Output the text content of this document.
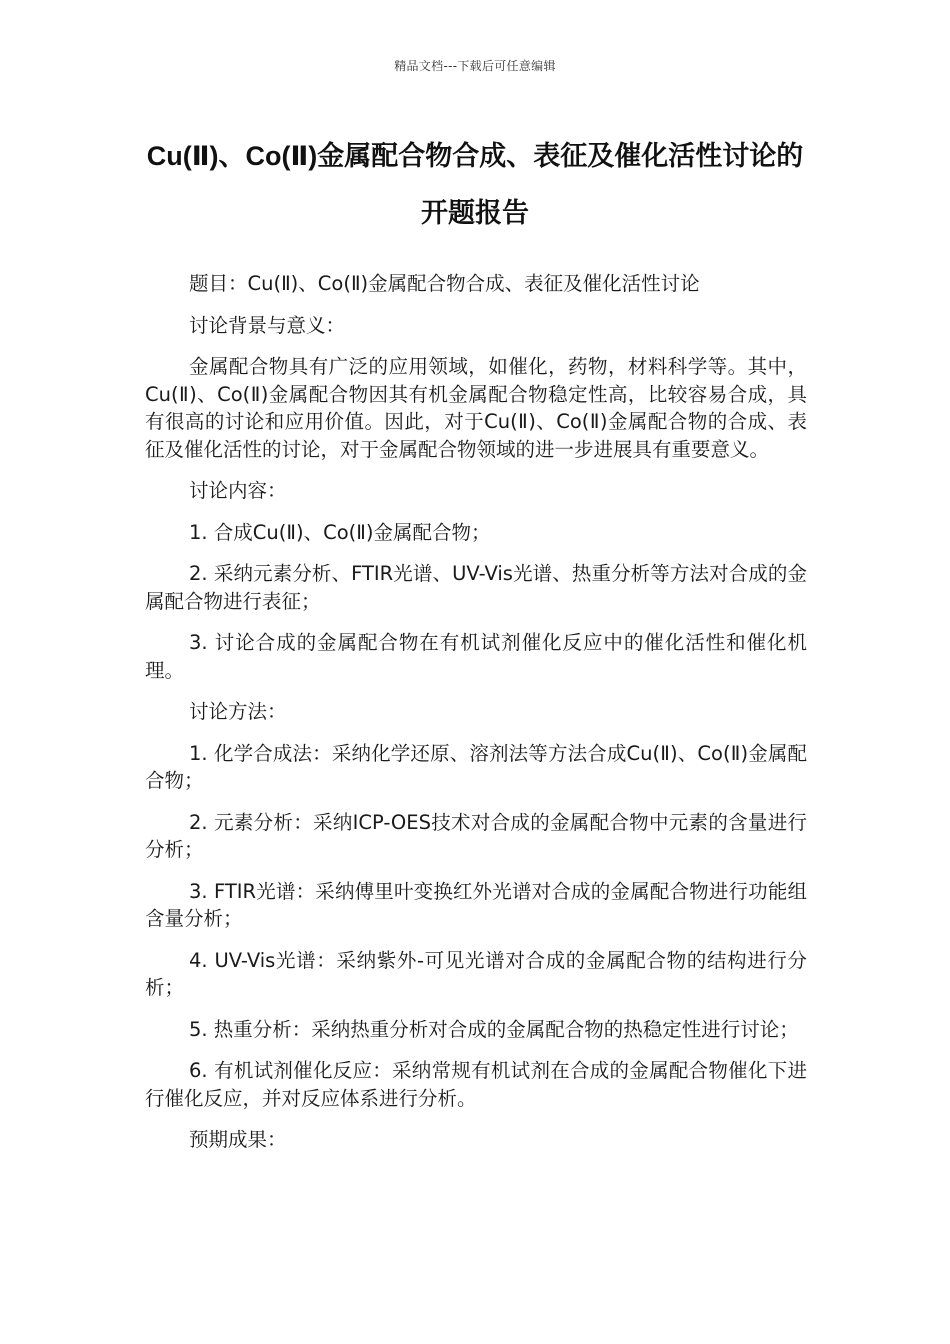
精品文档---下载后可任意编辑
Cu(Ⅱ)、Co(Ⅱ)金属配合物合成、表征及催化活性讨论的开题报告

题目：Cu(Ⅱ)、Co(Ⅱ)金属配合物合成、表征及催化活性讨论

讨论背景与意义：

金属配合物具有广泛的应用领域，如催化，药物，材料科学等。其中，Cu(Ⅱ)、Co(Ⅱ)金属配合物因其有机金属配合物稳定性高，比较容易合成，具有很高的讨论和应用价值。因此，对于Cu(Ⅱ)、Co(Ⅱ)金属配合物的合成、表征及催化活性的讨论，对于金属配合物领域的进一步进展具有重要意义。

讨论内容：

1. 合成Cu(Ⅱ)、Co(Ⅱ)金属配合物；

2. 采纳元素分析、FTIR光谱、UV-Vis光谱、热重分析等方法对合成的金属配合物进行表征；

3. 讨论合成的金属配合物在有机试剂催化反应中的催化活性和催化机理。

讨论方法：

1. 化学合成法：采纳化学还原、溶剂法等方法合成Cu(Ⅱ)、Co(Ⅱ)金属配合物；

2. 元素分析：采纳ICP-OES技术对合成的金属配合物中元素的含量进行分析；

3. FTIR光谱：采纳傅里叶变换红外光谱对合成的金属配合物进行功能组含量分析；

4. UV-Vis光谱：采纳紫外-可见光谱对合成的金属配合物的结构进行分析；

5. 热重分析：采纳热重分析对合成的金属配合物的热稳定性进行讨论；

6. 有机试剂催化反应：采纳常规有机试剂在合成的金属配合物催化下进行催化反应，并对反应体系进行分析。

预期成果：
